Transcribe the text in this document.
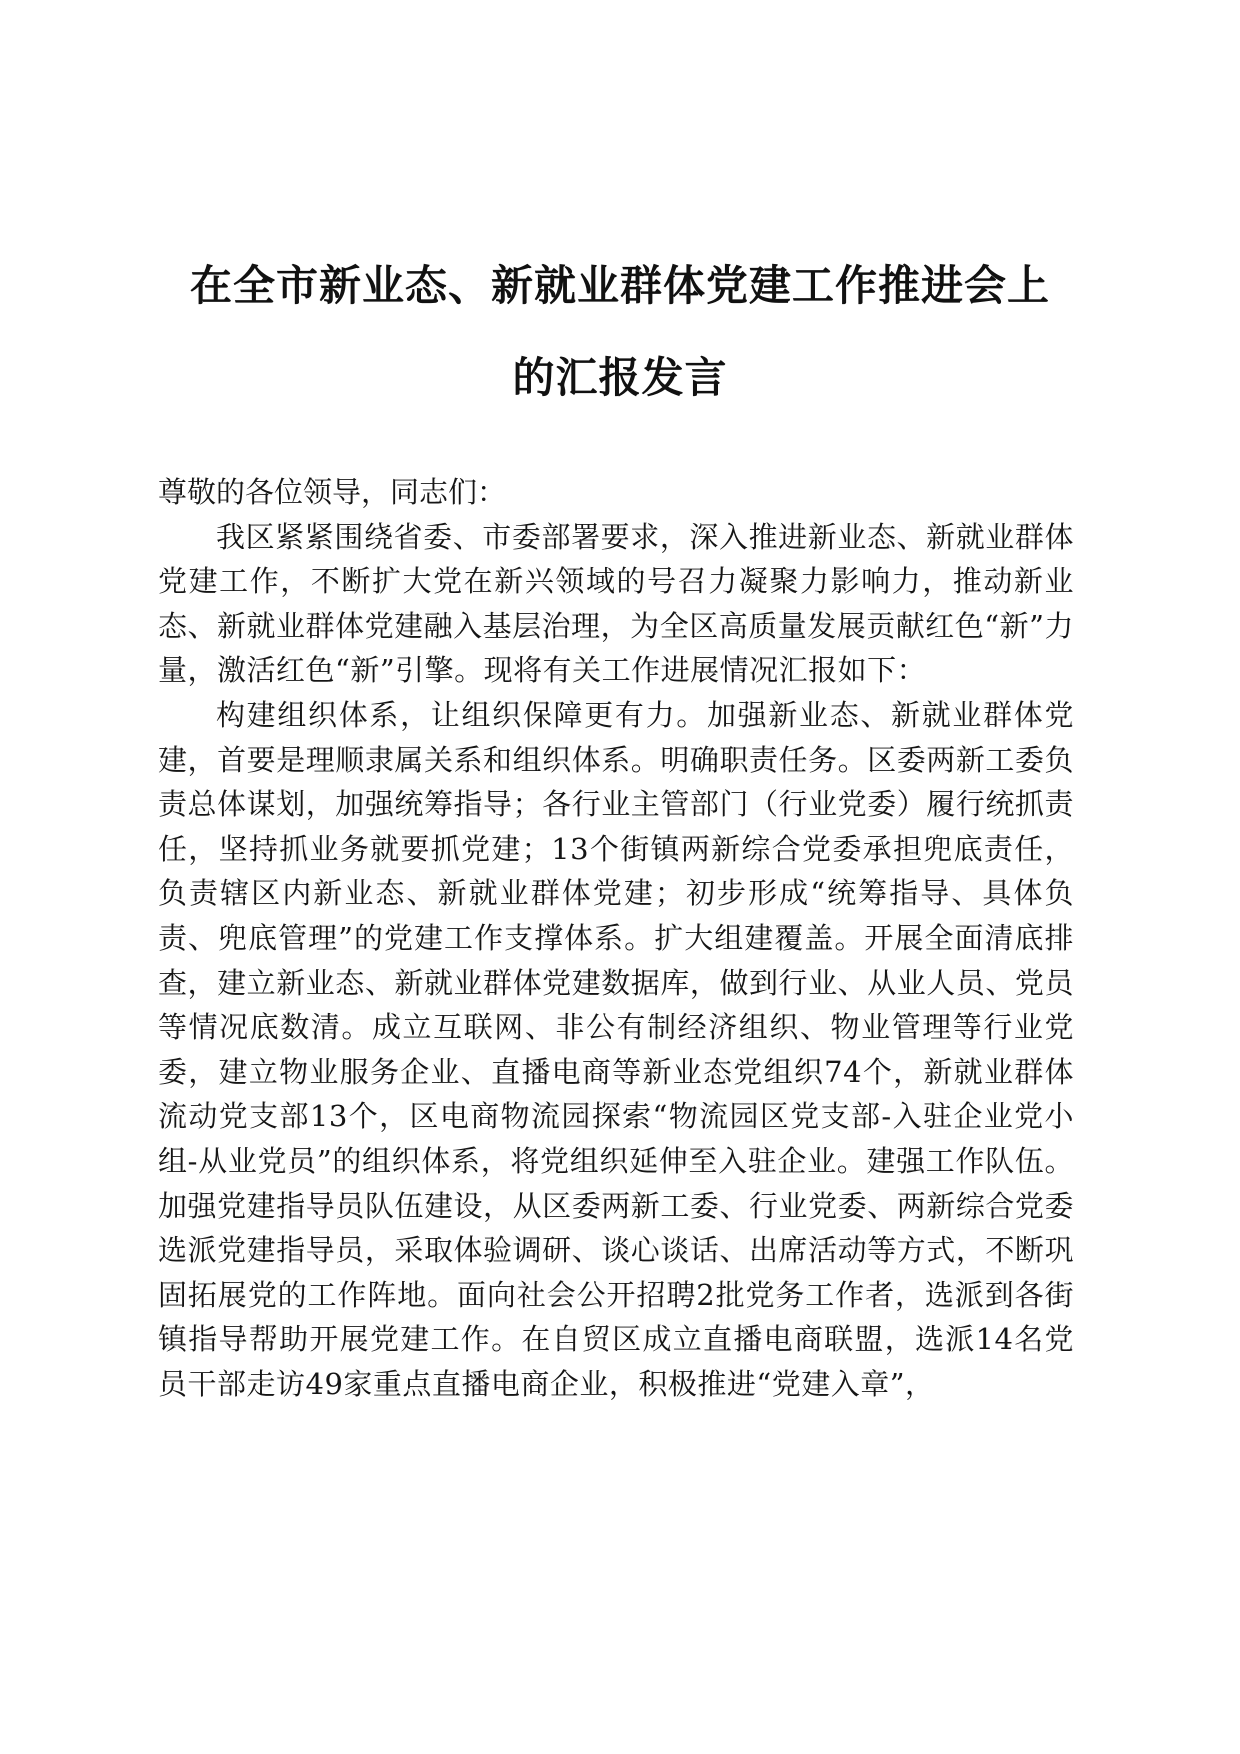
在全市新业态、新就业群体党建工作推进会上
的汇报发言

尊敬的各位领导，同志们：

我区紧紧围绕省委、市委部署要求，深入推进新业态、新就业群体党建工作，不断扩大党在新兴领域的号召力凝聚力影响力，推动新业态、新就业群体党建融入基层治理，为全区高质量发展贡献红色“新”力量，激活红色“新”引擎。现将有关工作进展情况汇报如下：

构建组织体系，让组织保障更有力。加强新业态、新就业群体党建，首要是理顺隶属关系和组织体系。明确职责任务。区委两新工委负责总体谋划，加强统筹指导；各行业主管部门（行业党委）履行统抓责任，坚持抓业务就要抓党建；13个街镇两新综合党委承担兜底责任，负责辖区内新业态、新就业群体党建；初步形成“统筹指导、具体负责、兜底管理”的党建工作支撑体系。扩大组建覆盖。开展全面清底排查，建立新业态、新就业群体党建数据库，做到行业、从业人员、党员等情况底数清。成立互联网、非公有制经济组织、物业管理等行业党委，建立物业服务企业、直播电商等新业态党组织74个，新就业群体流动党支部13个，区电商物流园探索“物流园区党支部-入驻企业党小组-从业党员”的组织体系，将党组织延伸至入驻企业。建强工作队伍。加强党建指导员队伍建设，从区委两新工委、行业党委、两新综合党委选派党建指导员，采取体验调研、谈心谈话、出席活动等方式，不断巩固拓展党的工作阵地。面向社会公开招聘2批党务工作者，选派到各街镇指导帮助开展党建工作。在自贸区成立直播电商联盟，选派14名党员干部走访49家重点直播电商企业，积极推进“党建入章”，
